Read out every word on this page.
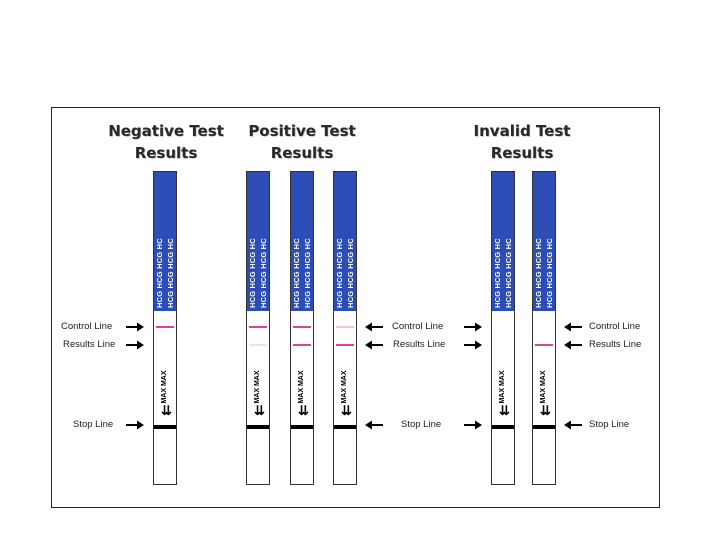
Negative Test
Results
Positive Test
Results
Invalid Test
Results
HCG HCG HCG HC HCG HCG HCG HC
MAX MAX
⇊
HCG HCG HCG HC HCG HCG HCG HC
MAX MAX
⇊
HCG HCG HCG HC HCG HCG HCG HC
MAX MAX
⇊
HCG HCG HCG HC HCG HCG HCG HC
MAX MAX
⇊
HCG HCG HCG HC HCG HCG HCG HC
MAX MAX
⇊
HCG HCG HCG HC HCG HCG HCG HC
MAX MAX
⇊
Control Line
Results Line
Stop Line
Control Line
Results Line
Stop Line
Control Line
Results Line
Stop Line
